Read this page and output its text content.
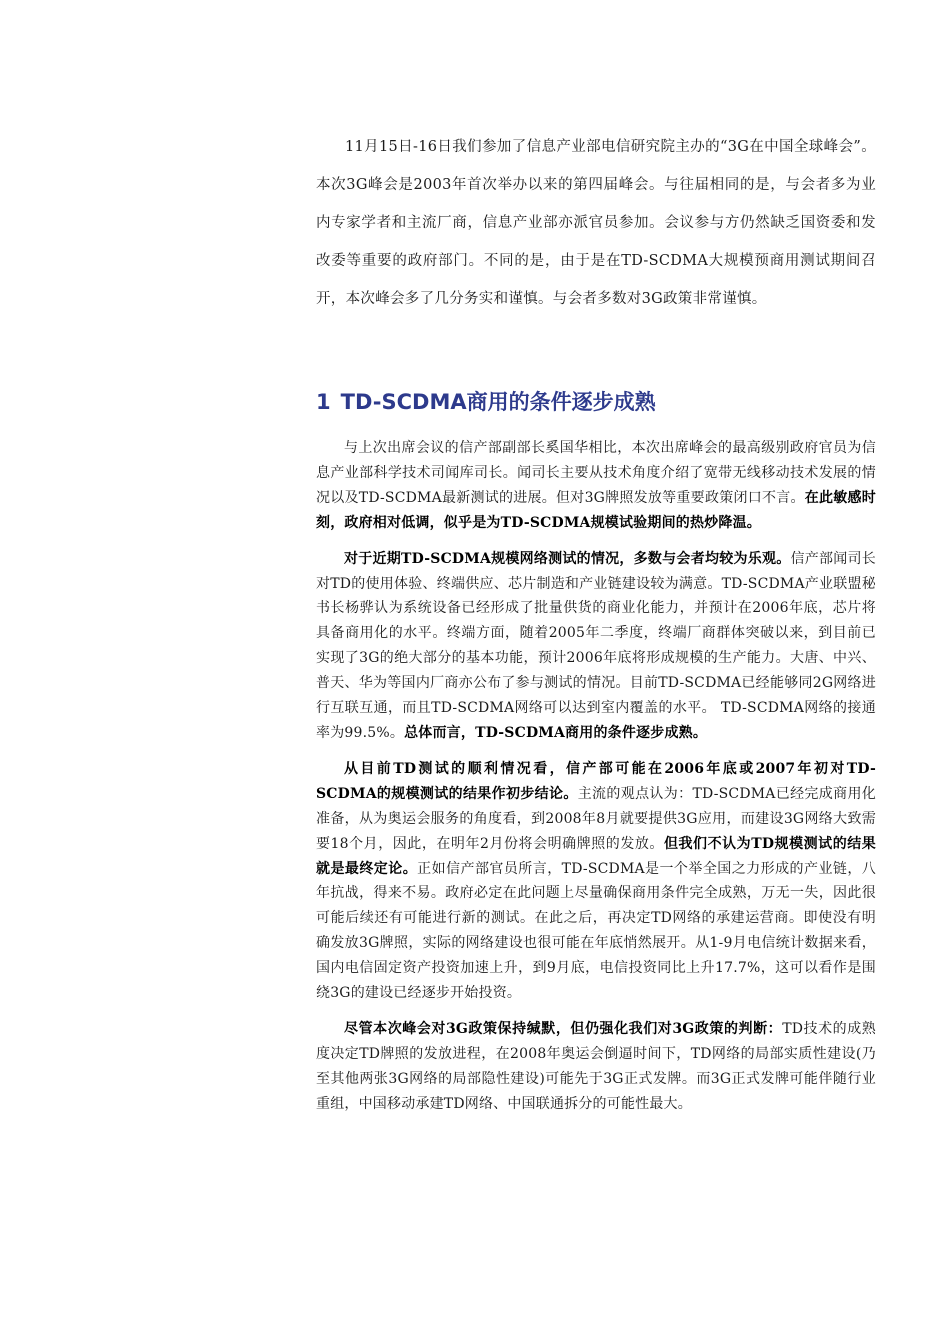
11月15日-16日我们参加了信息产业部电信研究院主办的“3G在中国全球峰会”。本次3G峰会是2003年首次举办以来的第四届峰会。与往届相同的是，与会者多为业内专家学者和主流厂商，信息产业部亦派官员参加。会议参与方仍然缺乏国资委和发改委等重要的政府部门。不同的是，由于是在TD-SCDMA大规模预商用测试期间召开，本次峰会多了几分务实和谨慎。与会者多数对3G政策非常谨慎。

1 TD-SCDMA商用的条件逐步成熟

与上次出席会议的信产部副部长奚国华相比，本次出席峰会的最高级别政府官员为信息产业部科学技术司闻库司长。闻司长主要从技术角度介绍了宽带无线移动技术发展的情况以及TD-SCDMA最新测试的进展。但对3G牌照发放等重要政策闭口不言。在此敏感时刻，政府相对低调，似乎是为TD-SCDMA规模试验期间的热炒降温。

对于近期TD-SCDMA规模网络测试的情况，多数与会者均较为乐观。信产部闻司长对TD的使用体验、终端供应、芯片制造和产业链建设较为满意。TD-SCDMA产业联盟秘书长杨骅认为系统设备已经形成了批量供货的商业化能力，并预计在2006年底，芯片将具备商用化的水平。终端方面，随着2005年二季度，终端厂商群体突破以来，到目前已实现了3G的绝大部分的基本功能，预计2006年底将形成规模的生产能力。大唐、中兴、普天、华为等国内厂商亦公布了参与测试的情况。目前TD-SCDMA已经能够同2G网络进行互联互通，而且TD-SCDMA网络可以达到室内覆盖的水平。 TD-SCDMA网络的接通率为99.5%。总体而言，TD-SCDMA商用的条件逐步成熟。

从目前TD测试的顺利情况看，信产部可能在2006年底或2007年初对TD-SCDMA的规模测试的结果作初步结论。主流的观点认为：TD-SCDMA已经完成商用化准备，从为奥运会服务的角度看，到2008年8月就要提供3G应用，而建设3G网络大致需要18个月，因此，在明年2月份将会明确牌照的发放。但我们不认为TD规模测试的结果就是最终定论。正如信产部官员所言，TD-SCDMA是一个举全国之力形成的产业链，八年抗战，得来不易。政府必定在此问题上尽量确保商用条件完全成熟，万无一失，因此很可能后续还有可能进行新的测试。在此之后，再决定TD网络的承建运营商。即使没有明确发放3G牌照，实际的网络建设也很可能在年底悄然展开。从1-9月电信统计数据来看，国内电信固定资产投资加速上升，到9月底，电信投资同比上升17.7%，这可以看作是围绕3G的建设已经逐步开始投资。

尽管本次峰会对3G政策保持缄默，但仍强化我们对3G政策的判断：TD技术的成熟度决定TD牌照的发放进程，在2008年奥运会倒逼时间下，TD网络的局部实质性建设(乃至其他两张3G网络的局部隐性建设)可能先于3G正式发牌。而3G正式发牌可能伴随行业重组，中国移动承建TD网络、中国联通拆分的可能性最大。
